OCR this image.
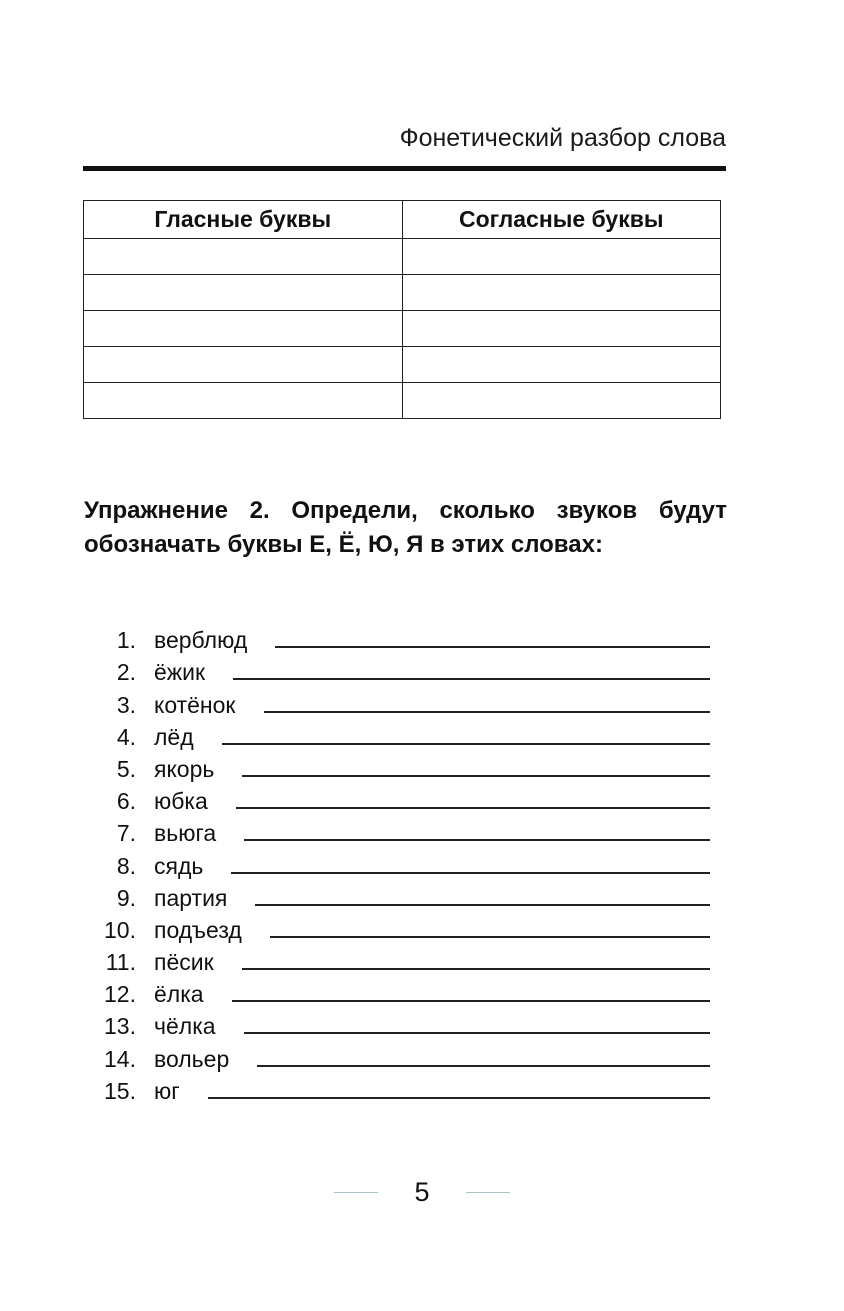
Фонетический разбор слова
Гласные буквы	Согласные буквы

Упражнение 2. Определи, сколько звуков будут обозначать буквы Е, Ё, Ю, Я в этих словах:
1. верблюд
2. ёжик
3. котёнок
4. лёд
5. якорь
6. юбка
7. вьюга
8. сядь
9. партия
10. подъезд
11. пёсик
12. ёлка
13. чёлка
14. вольер
15. юг
5
